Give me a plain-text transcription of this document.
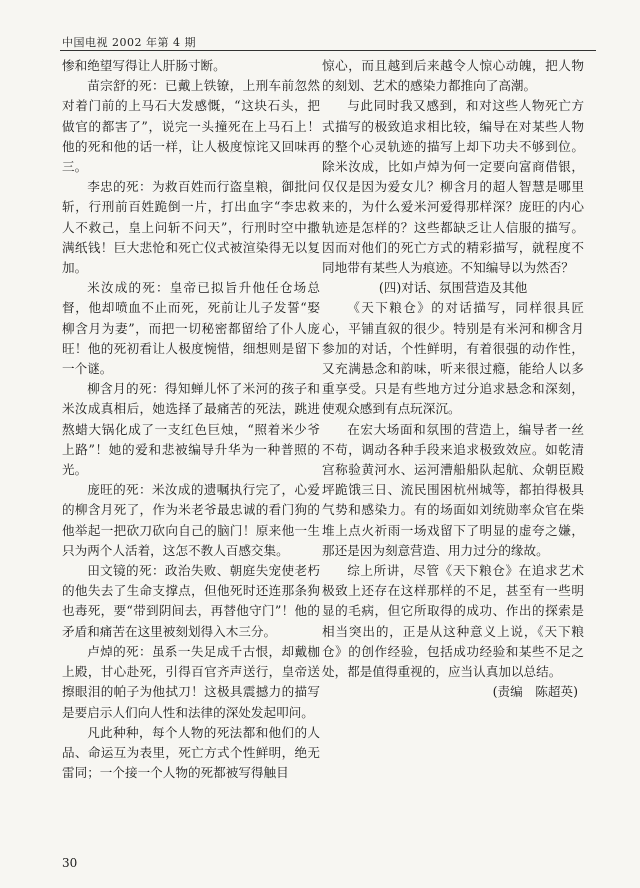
中国电视 2002 年第 4 期

惨和绝望写得让人肝肠寸断。

苗宗舒的死：已戴上铁镣，上刑车前忽然对着门前的上马石大发感慨，“这块石头，把做官的都害了”，说完一头撞死在上马石上！他的死和他的话一样，让人极度惊诧又回味再三。

李忠的死：为救百姓而行盗皇粮，御批问斩，行刑前百姓跪倒一片，打出血字“李忠救人不救己，皇上问斩不问天”，行刑时空中撒满纸钱！巨大悲怆和死亡仪式被渲染得无以复加。

米汝成的死：皇帝已拟旨升他任仓场总督，他却喷血不止而死，死前让儿子发誓“娶柳含月为妻”，而把一切秘密都留给了仆人庞旺！他的死初看让人极度惋惜，细想则是留下一个谜。

柳含月的死：得知蝉儿怀了米河的孩子和米汝成真相后，她选择了最痛苦的死法，跳进熬蜡大锅化成了一支红色巨烛，“照着米少爷上路”！她的爱和悲被编导升华为一种普照的光。

庞旺的死：米汝成的遗嘱执行完了，心爱的柳含月死了，作为米老爷最忠诚的看门狗的他举起一把砍刀砍向自己的脑门！原来他一生只为两个人活着，这怎不教人百感交集。

田文镜的死：政治失败、朝庭失宠使老朽的他失去了生命支撑点，但他死时还连那条狗也毒死，要“带到阴间去，再替他守门”！他的矛盾和痛苦在这里被刻划得入木三分。

卢焯的死：虽系一失足成千古恨，却戴枷上殿，甘心赴死，引得百官齐声送行，皇帝送擦眼泪的帕子为他拭刀！这极具震撼力的描写是要启示人们向人性和法律的深处发起叩问。

凡此种种，每个人物的死法都和他们的人品、命运互为表里，死亡方式个性鲜明，绝无雷同；一个接一个人物的死都被写得触目

惊心，而且越到后来越令人惊心动魄，把人物的刻划、艺术的感染力都推向了高潮。

与此同时我又感到，和对这些人物死亡方式描写的极致追求相比较，编导在对某些人物的整个心灵轨迹的描写上却下功夫不够到位。除米汝成，比如卢焯为何一定要向富商借银，仅仅是因为爱女儿？柳含月的超人智慧是哪里来的，为什么爱米河爱得那样深？庞旺的内心轨迹是怎样的？这些都缺乏让人信服的描写。因而对他们的死亡方式的精彩描写，就程度不同地带有某些人为痕迹。不知编导以为然否？

(四)对话、氛围营造及其他

《天下粮仓》的对话描写，同样很具匠心，平铺直叙的很少。特别是有米河和柳含月参加的对话，个性鲜明，有着很强的动作性，又充满悬念和韵味，听来很过瘾，能给人以多重享受。只是有些地方过分追求悬念和深刻，使观众感到有点玩深沉。

在宏大场面和氛围的营造上，编导者一丝不苟，调动各种手段来追求极致效应。如乾清宫称验黄河水、运河漕船船队起航、众朝臣殿坪跪饿三日、流民围困杭州城等，都拍得极具气势和感染力。有的场面如刘统勋率众官在柴堆上点火祈雨一场戏留下了明显的虚夸之嫌，那还是因为刻意营造、用力过分的缘故。

综上所讲，尽管《天下粮仓》在追求艺术极致上还存在这样那样的不足，甚至有一些明显的毛病，但它所取得的成功、作出的探索是相当突出的，正是从这种意义上说，《天下粮仓》的创作经验，包括成功经验和某些不足之处，都是值得重视的，应当认真加以总结。

(责编　陈超英)

30
